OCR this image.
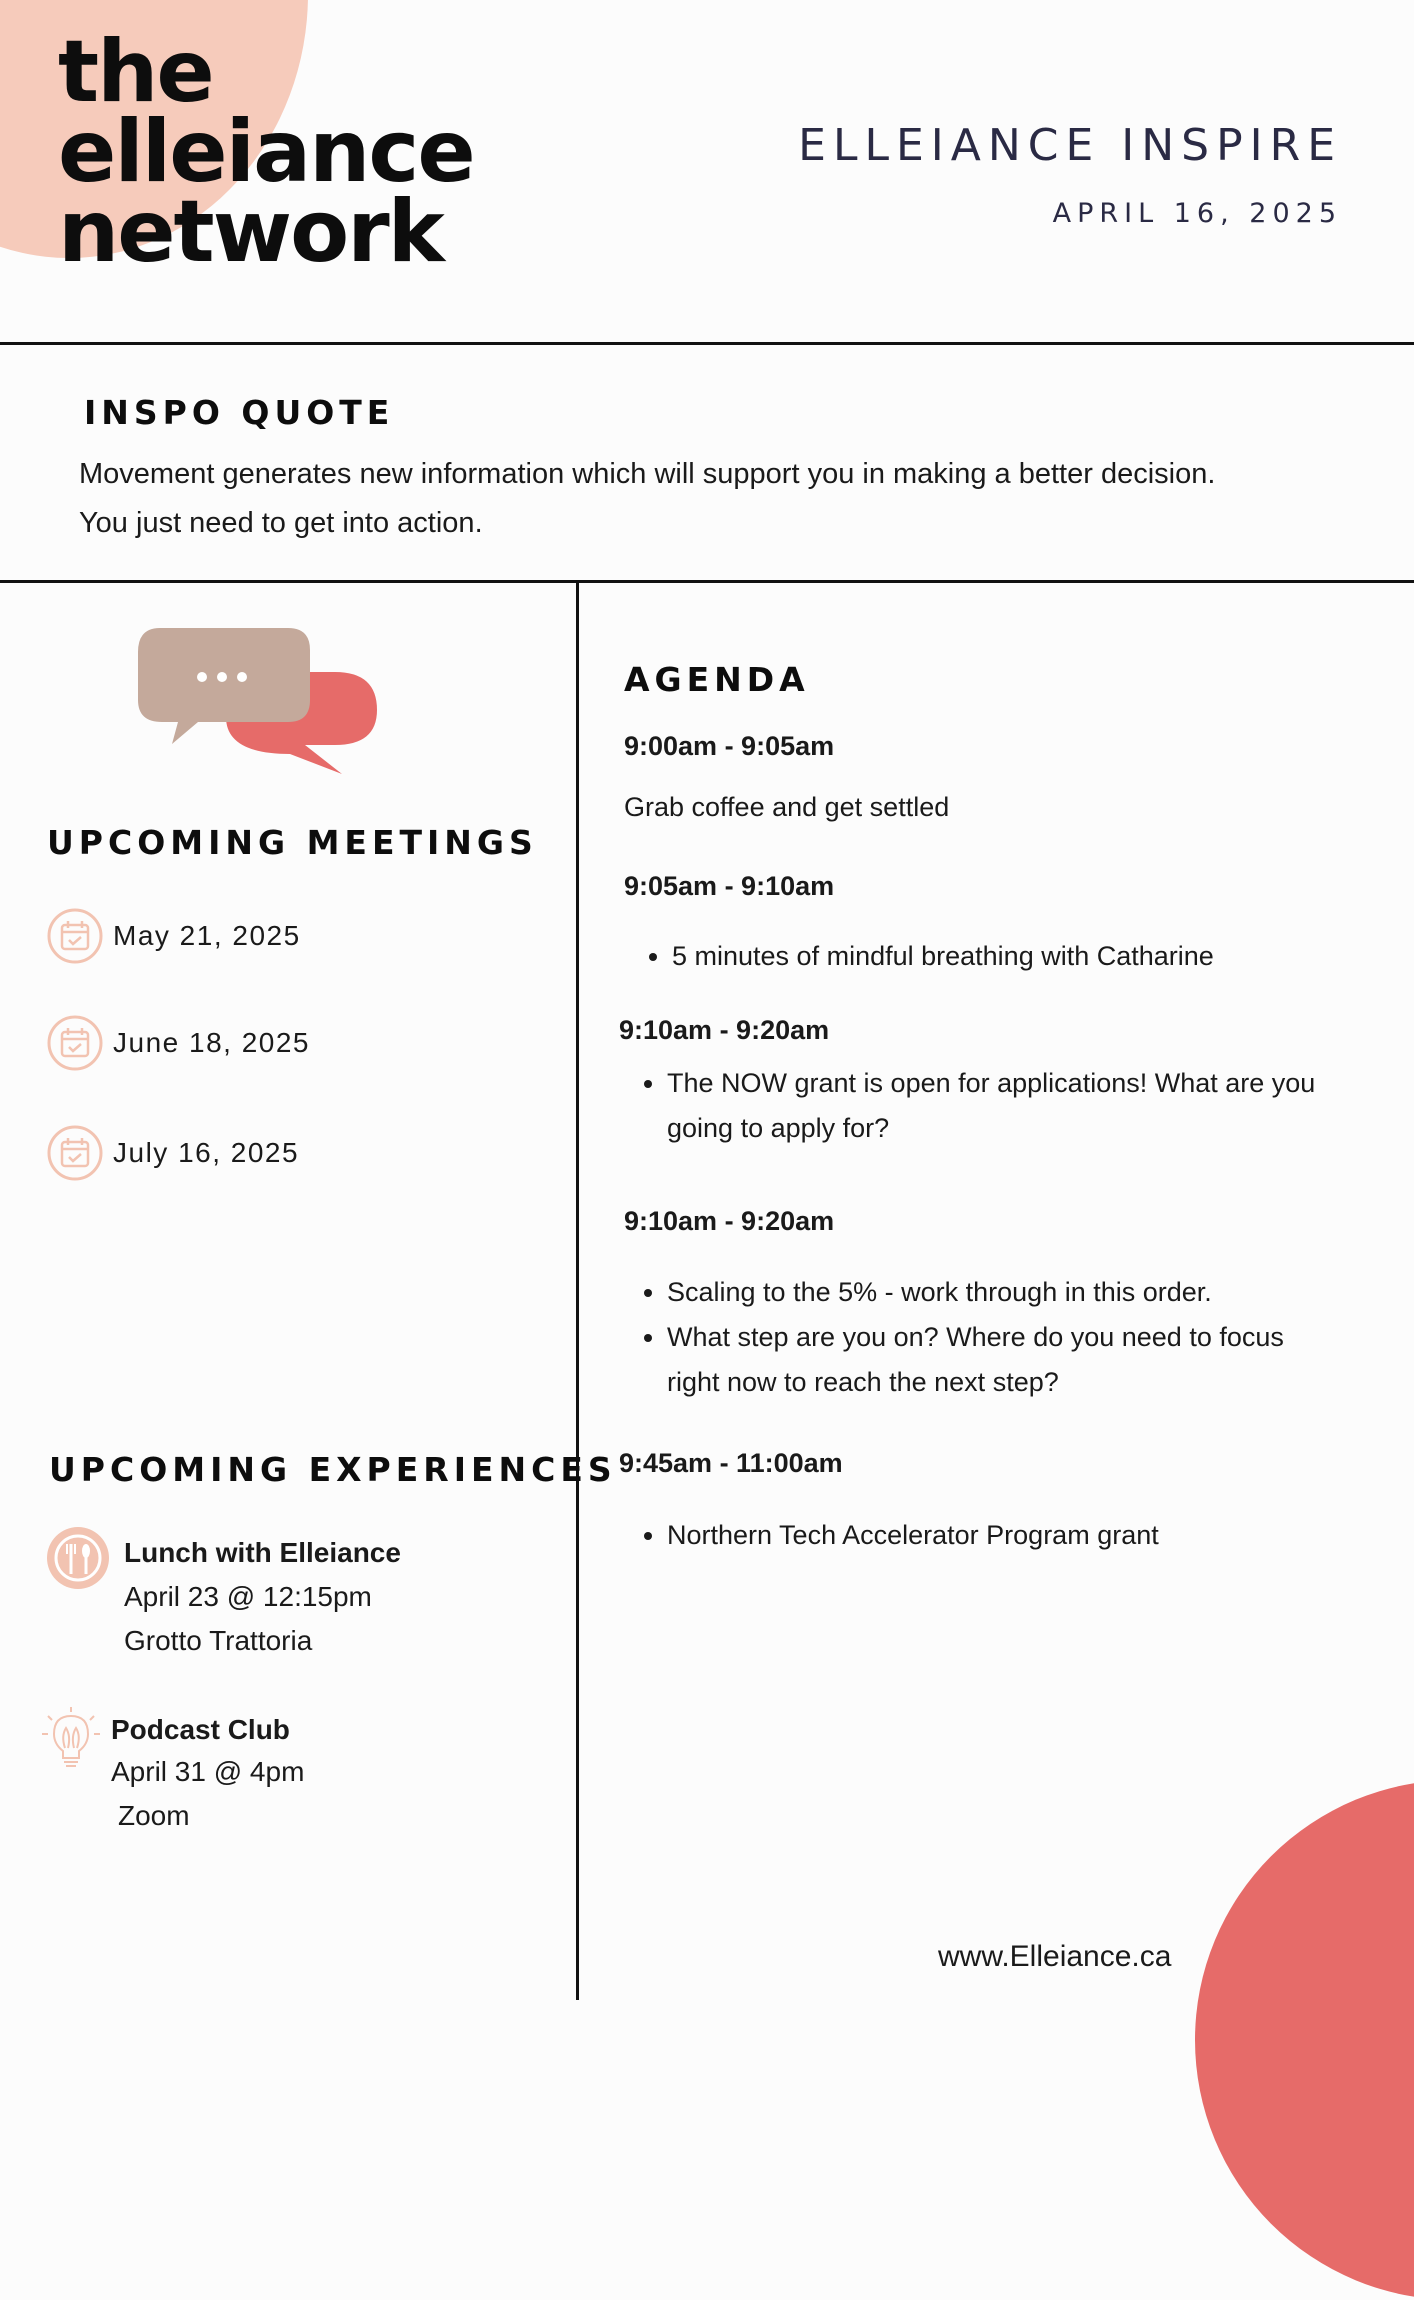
the
elleiance
network
ELLEIANCE INSPIRE
APRIL 16, 2025
INSPO QUOTE
Movement generates new information which will support you in making a better decision. You just need to get into action.
UPCOMING MEETINGS
May 21, 2025
June 18, 2025
July 16, 2025
UPCOMING EXPERIENCES
Lunch with Elleiance
April 23 @ 12:15pm
Grotto Trattoria
Podcast Club
April 31 @ 4pm
Zoom
AGENDA
9:00am - 9:05am
Grab coffee and get settled
9:05am - 9:10am
• 5 minutes of mindful breathing with Catharine
9:10am - 9:20am
• The NOW grant is open for applications! What are you going to apply for?
9:10am - 9:20am
• Scaling to the 5% - work through in this order.
• What step are you on? Where do you need to focus right now to reach the next step?
9:45am - 11:00am
• Northern Tech Accelerator Program grant
www.Elleiance.ca
